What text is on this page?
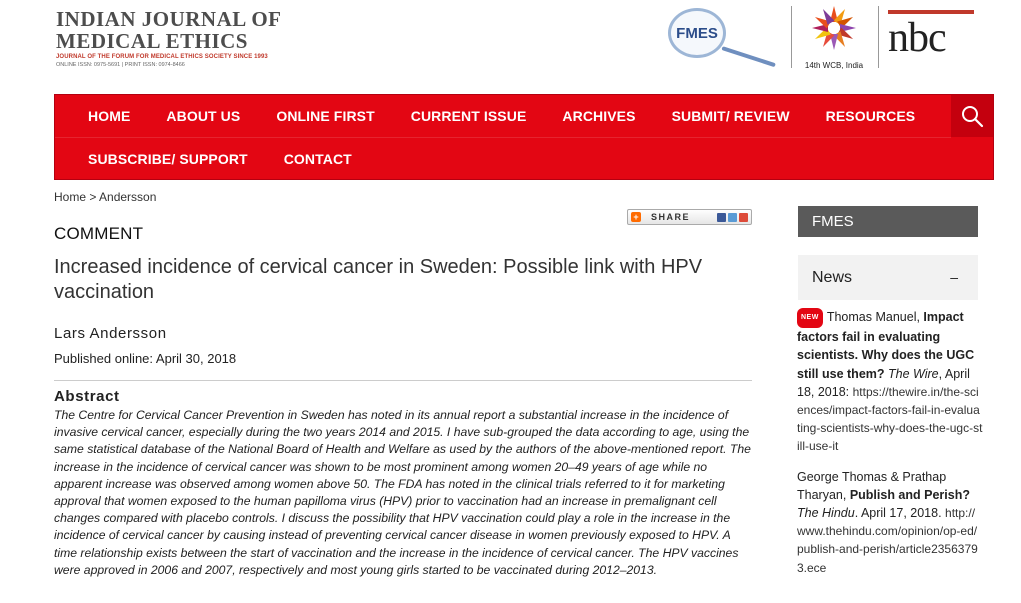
INDIAN JOURNAL OF
MEDICAL ETHICS
JOURNAL OF THE FORUM FOR MEDICAL ETHICS SOCIETY SINCE 1993
ONLINE ISSN: 0975-5691 | PRINT ISSN: 0974-8466
FMES
14th WCB, India
nbc
HOME	ABOUT US	ONLINE FIRST	CURRENT ISSUE	ARCHIVES	SUBMIT/ REVIEW	RESOURCES
SUBSCRIBE/ SUPPORT	CONTACT
Home > Andersson
+ SHARE
COMMENT
Increased incidence of cervical cancer in Sweden: Possible link with HPV vaccination
Lars Andersson
Published online: April 30, 2018
Abstract
The Centre for Cervical Cancer Prevention in Sweden has noted in its annual report a substantial increase in the incidence of invasive cervical cancer, especially during the two years 2014 and 2015. I have sub-grouped the data according to age, using the same statistical database of the National Board of Health and Welfare as used by the authors of the above-mentioned report. The increase in the incidence of cervical cancer was shown to be most prominent among women 20–49 years of age while no apparent increase was observed among women above 50. The FDA has noted in the clinical trials referred to it for marketing approval that women exposed to the human papilloma virus (HPV) prior to vaccination had an increase in premalignant cell changes compared with placebo controls. I discuss the possibility that HPV vaccination could play a role in the increase in the incidence of cervical cancer by causing instead of preventing cervical cancer disease in women previously exposed to HPV. A time relationship exists between the start of vaccination and the increase in the incidence of cervical cancer. The HPV vaccines were approved in 2006 and 2007, respectively and most young girls started to be vaccinated during 2012–2013.
FMES
News	–
NEW Thomas Manuel, Impact factors fail in evaluating scientists. Why does the UGC still use them? The Wire, April 18, 2018: https://thewire.in/the-sciences/impact-factors-fail-in-evaluating-scientists-why-does-the-ugc-still-use-it
George Thomas & Prathap Tharyan, Publish and Perish? The Hindu. April 17, 2018. http://www.thehindu.com/opinion/op-ed/publish-and-perish/article23563793.ece
